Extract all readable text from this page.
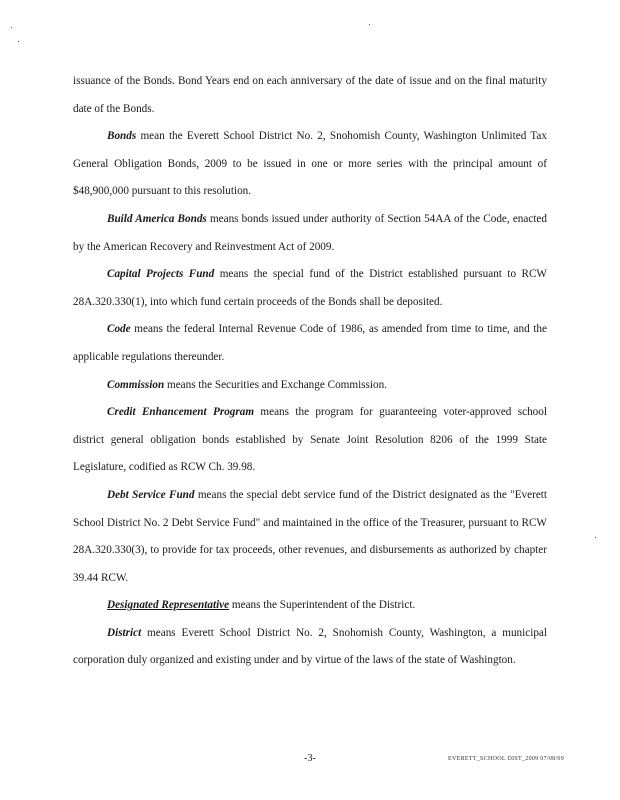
issuance of the Bonds. Bond Years end on each anniversary of the date of issue and on the final maturity date of the Bonds.

Bonds mean the Everett School District No. 2, Snohomish County, Washington Unlimited Tax General Obligation Bonds, 2009 to be issued in one or more series with the principal amount of $48,900,000 pursuant to this resolution.

Build America Bonds means bonds issued under authority of Section 54AA of the Code, enacted by the American Recovery and Reinvestment Act of 2009.

Capital Projects Fund means the special fund of the District established pursuant to RCW 28A.320.330(1), into which fund certain proceeds of the Bonds shall be deposited.

Code means the federal Internal Revenue Code of 1986, as amended from time to time, and the applicable regulations thereunder.

Commission means the Securities and Exchange Commission.

Credit Enhancement Program means the program for guaranteeing voter-approved school district general obligation bonds established by Senate Joint Resolution 8206 of the 1999 State Legislature, codified as RCW Ch. 39.98.

Debt Service Fund means the special debt service fund of the District designated as the "Everett School District No. 2 Debt Service Fund" and maintained in the office of the Treasurer, pursuant to RCW 28A.320.330(3), to provide for tax proceeds, other revenues, and disbursements as authorized by chapter 39.44 RCW.

Designated Representative means the Superintendent of the District.

District means Everett School District No. 2, Snohomish County, Washington, a municipal corporation duly organized and existing under and by virtue of the laws of the state of Washington.

-3-	EVERETT_SCHOOL DIST_2009 07/08/09
